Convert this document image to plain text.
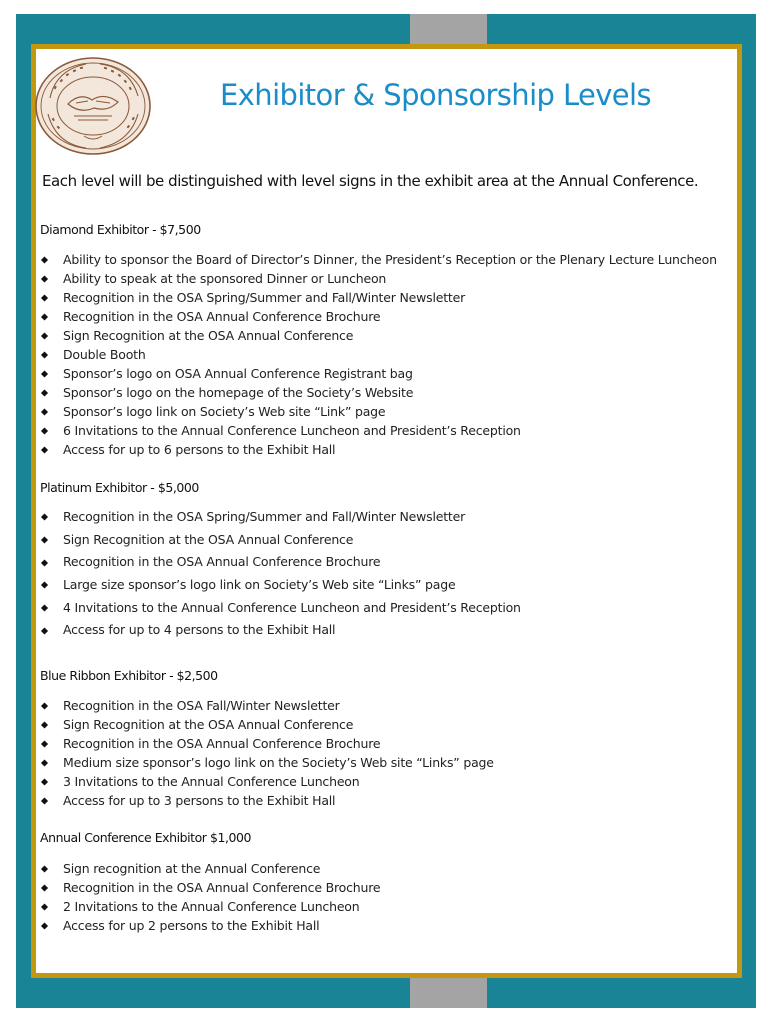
Exhibitor & Sponsorship Levels
Each level will be distinguished with level signs in the exhibit area at the Annual Conference.
Diamond Exhibitor - $7,500
Ability to sponsor the Board of Director’s Dinner, the President’s Reception or the Plenary Lecture Luncheon
Ability to speak at the sponsored Dinner or Luncheon
Recognition in the OSA Spring/Summer and Fall/Winter Newsletter
Recognition in the OSA Annual Conference Brochure
Sign Recognition at the OSA Annual Conference
Double Booth
Sponsor’s logo on OSA Annual Conference Registrant bag
Sponsor’s logo on the homepage of the Society’s Website
Sponsor’s logo link on Society’s Web site “Link” page
6 Invitations to the Annual Conference Luncheon and President’s Reception
Access for up to 6 persons to the Exhibit Hall
Platinum Exhibitor - $5,000
Recognition in the OSA Spring/Summer and Fall/Winter Newsletter
Sign Recognition at the OSA Annual Conference
Recognition in the OSA Annual Conference Brochure
Large size sponsor’s logo link on Society’s Web site “Links” page
4 Invitations to the Annual Conference Luncheon and President’s Reception
Access for up to 4 persons to the Exhibit Hall
Blue Ribbon Exhibitor - $2,500
Recognition in the OSA Fall/Winter Newsletter
Sign Recognition at the OSA Annual Conference
Recognition in the OSA Annual Conference Brochure
Medium size sponsor’s logo link on the Society’s Web site “Links” page
3 Invitations to the Annual Conference Luncheon
Access for up to 3 persons to the Exhibit Hall
Annual Conference Exhibitor $1,000
Sign recognition at the Annual Conference
Recognition in the OSA Annual Conference Brochure
2 Invitations to the Annual Conference Luncheon
Access for up 2 persons to the Exhibit Hall
